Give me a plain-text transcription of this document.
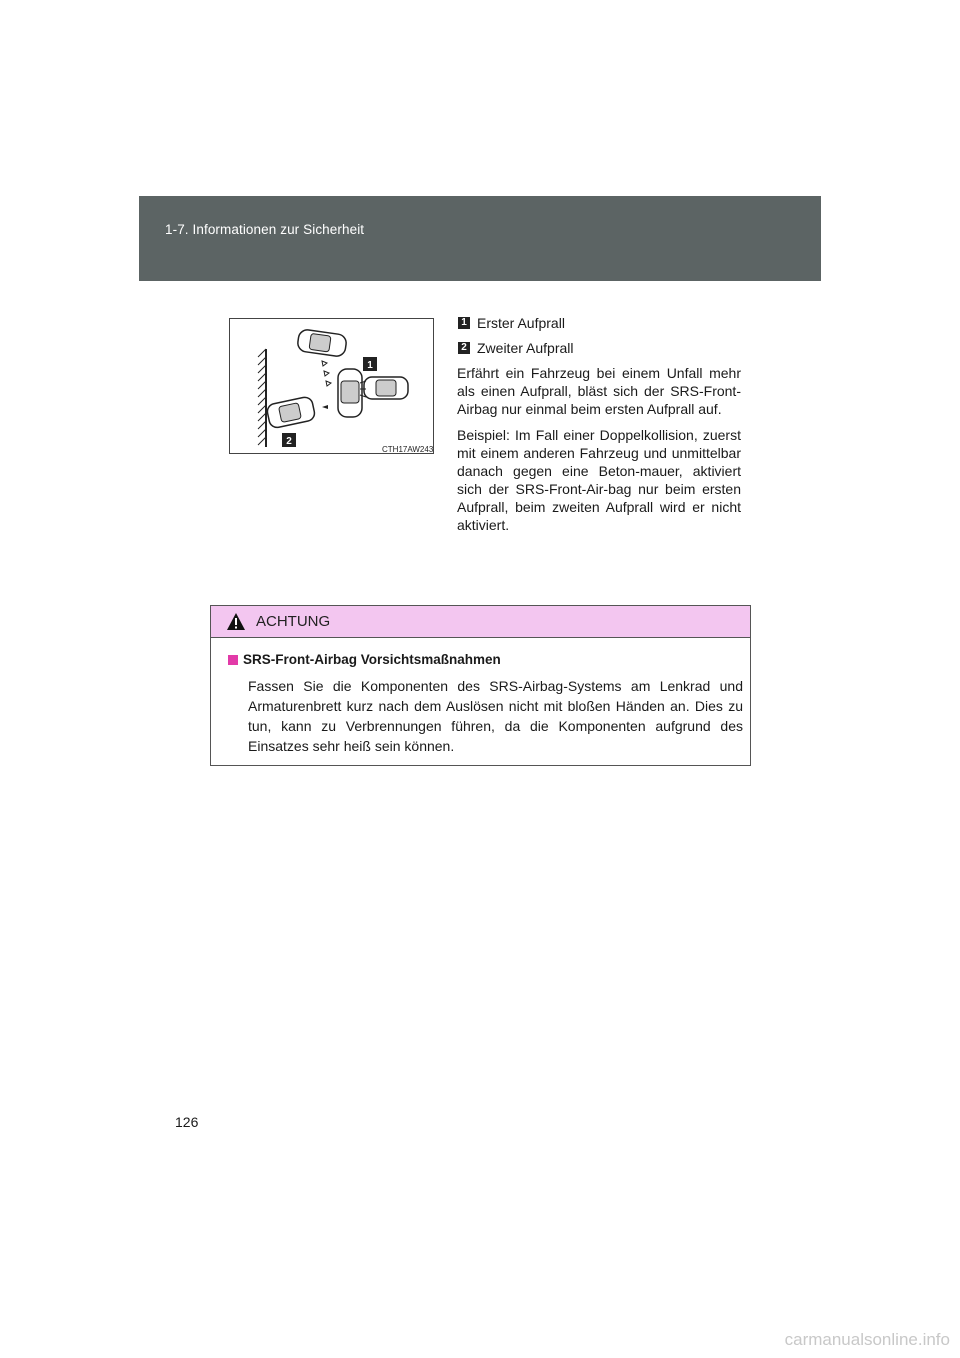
1-7. Informationen zur Sicherheit
1
2
CTH17AW243
1 Erster Aufprall
2 Zweiter Aufprall

Erfährt ein Fahrzeug bei einem Unfall mehr als einen Aufprall, bläst sich der SRS-Front-Airbag nur einmal beim ersten Aufprall auf.

Beispiel: Im Fall einer Doppelkollision, zuerst mit einem anderen Fahrzeug und unmittelbar danach gegen eine Beton-mauer, aktiviert sich der SRS-Front-Air-bag nur beim ersten Aufprall, beim zweiten Aufprall wird er nicht aktiviert.

ACHTUNG
SRS-Front-Airbag Vorsichtsmaßnahmen
Fassen Sie die Komponenten des SRS-Airbag-Systems am Lenkrad und Armaturenbrett kurz nach dem Auslösen nicht mit bloßen Händen an. Dies zu tun, kann zu Verbrennungen führen, da die Komponenten aufgrund des Einsatzes sehr heiß sein können.
126
carmanualsonline.info
